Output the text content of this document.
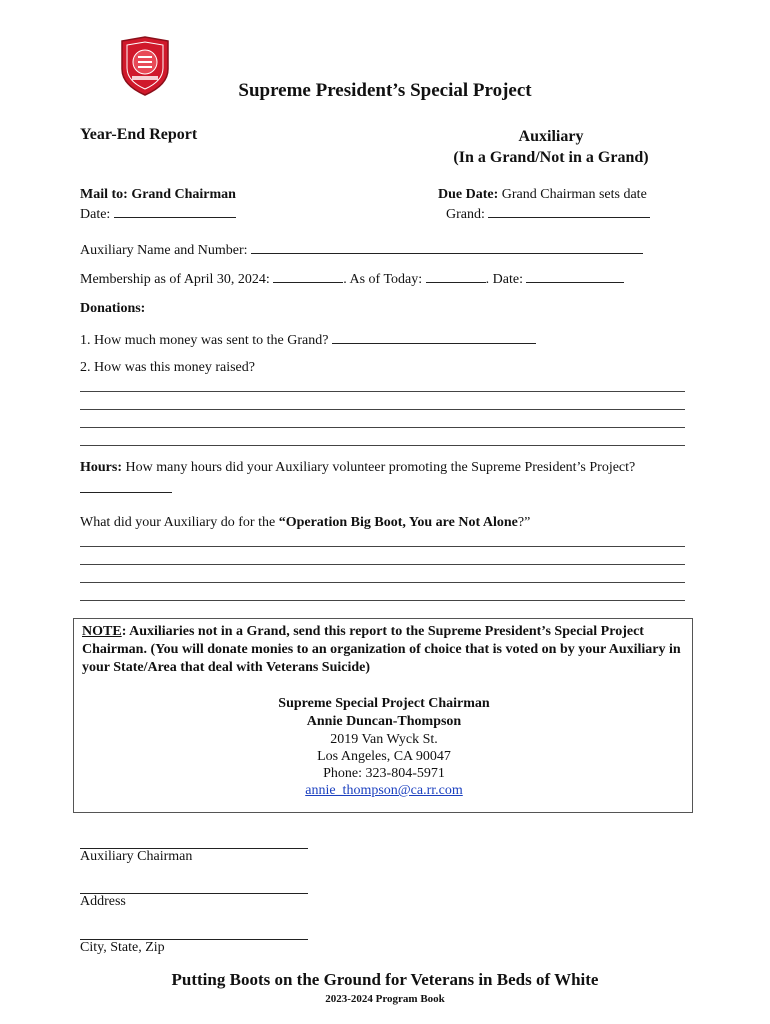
Supreme President’s Special Project
Year-End Report	Auxiliary
(In a Grand/Not in a Grand)
Mail to: Grand Chairman
Date:
Due Date: Grand Chairman sets date
Grand:
Auxiliary Name and Number:
Membership as of April 30, 2024:	. As of Today:	. Date:
Donations:
1. How much money was sent to the Grand?
2. How was this money raised?
Hours: How many hours did your Auxiliary volunteer promoting the Supreme President’s Project?
What did your Auxiliary do for the “Operation Big Boot, You are Not Alone?”
NOTE: Auxiliaries not in a Grand, send this report to the Supreme President’s Special Project Chairman. (You will donate monies to an organization of choice that is voted on by your Auxiliary in your State/Area that deal with Veterans Suicide)
Supreme Special Project Chairman
Annie Duncan-Thompson
2019 Van Wyck St.
Los Angeles, CA 90047
Phone: 323-804-5971
annie_thompson@ca.rr.com
Auxiliary Chairman
Address
City, State, Zip
Putting Boots on the Ground for Veterans in Beds of White
2023-2024 Program Book
